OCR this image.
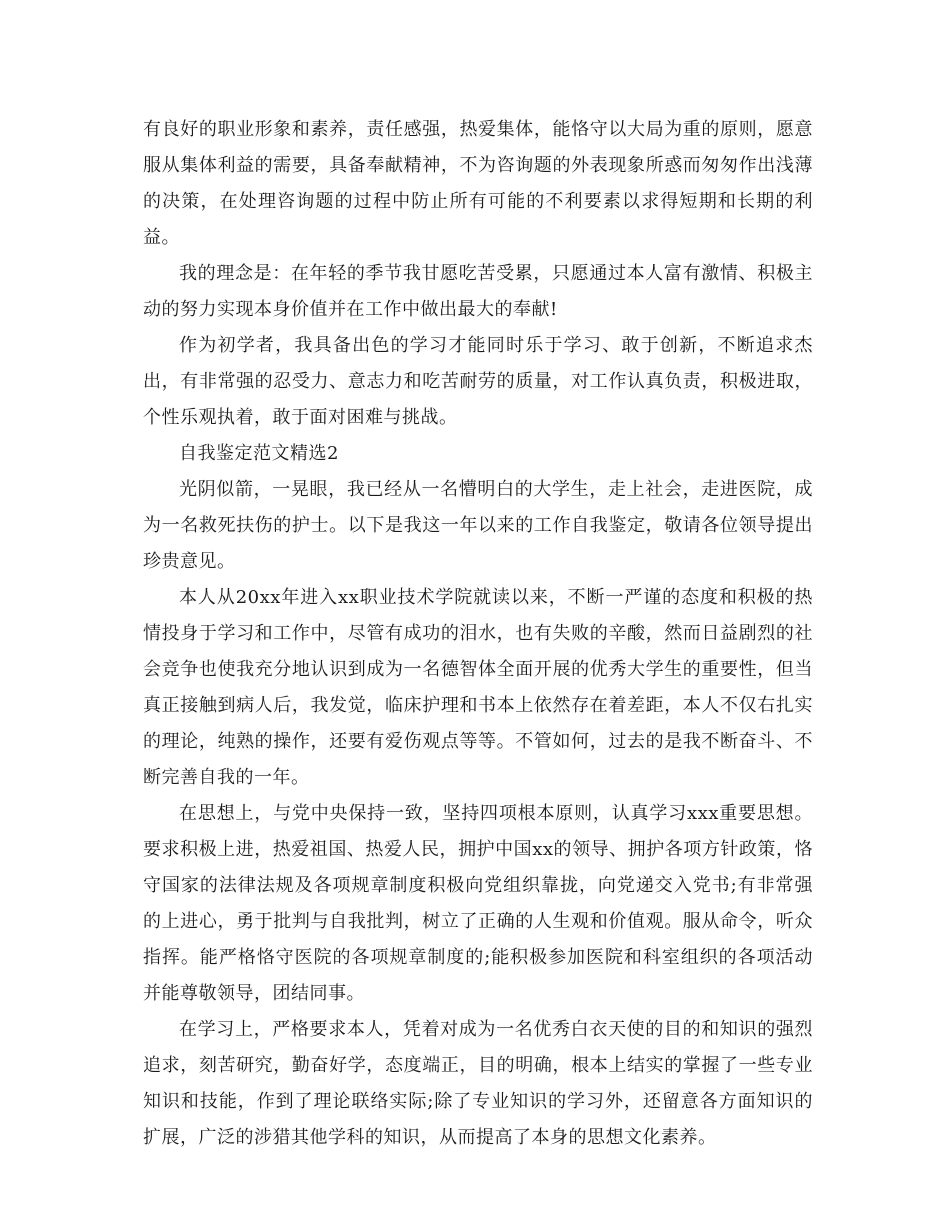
有良好的职业形象和素养，责任感强，热爱集体，能恪守以大局为重的原则，愿意服从集体利益的需要，具备奉献精神，不为咨询题的外表现象所惑而匆匆作出浅薄的决策，在处理咨询题的过程中防止所有可能的不利要素以求得短期和长期的利益。

我的理念是：在年轻的季节我甘愿吃苦受累，只愿通过本人富有激情、积极主动的努力实现本身价值并在工作中做出最大的奉献!

作为初学者，我具备出色的学习才能同时乐于学习、敢于创新，不断追求杰出，有非常强的忍受力、意志力和吃苦耐劳的质量，对工作认真负责，积极进取，个性乐观执着，敢于面对困难与挑战。

自我鉴定范文精选2

光阴似箭，一晃眼，我已经从一名懵明白的大学生，走上社会，走进医院，成为一名救死扶伤的护士。以下是我这一年以来的工作自我鉴定，敬请各位领导提出珍贵意见。

本人从20xx年进入xx职业技术学院就读以来，不断一严谨的态度和积极的热情投身于学习和工作中，尽管有成功的泪水，也有失败的辛酸，然而日益剧烈的社会竞争也使我充分地认识到成为一名德智体全面开展的优秀大学生的重要性，但当真正接触到病人后，我发觉，临床护理和书本上依然存在着差距，本人不仅右扎实的理论，纯熟的操作，还要有爱伤观点等等。不管如何，过去的是我不断奋斗、不断完善自我的一年。

在思想上，与党中央保持一致，坚持四项根本原则，认真学习xxx重要思想。要求积极上进，热爱祖国、热爱人民，拥护中国xx的领导、拥护各项方针政策，恪守国家的法律法规及各项规章制度积极向党组织靠拢，向党递交入党书;有非常强的上进心，勇于批判与自我批判，树立了正确的人生观和价值观。服从命令，听众指挥。能严格恪守医院的各项规章制度的;能积极参加医院和科室组织的各项活动并能尊敬领导，团结同事。

在学习上，严格要求本人，凭着对成为一名优秀白衣天使的目的和知识的强烈追求，刻苦研究，勤奋好学，态度端正，目的明确，根本上结实的掌握了一些专业知识和技能，作到了理论联络实际;除了专业知识的学习外，还留意各方面知识的扩展，广泛的涉猎其他学科的知识，从而提高了本身的思想文化素养。
